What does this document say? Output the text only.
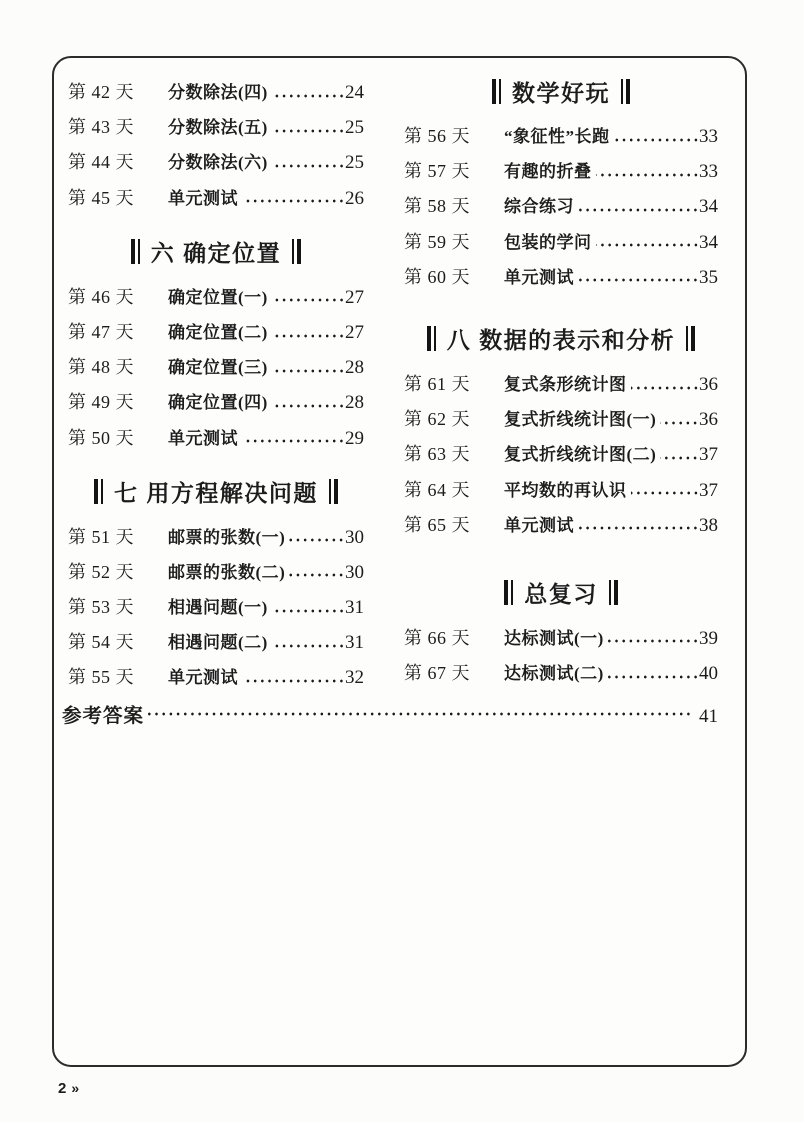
第 42 天	分数除法(四)	24
第 43 天	分数除法(五)	25
第 44 天	分数除法(六)	25
第 45 天	单元测试	26
六 确定位置
第 46 天	确定位置(一)	27
第 47 天	确定位置(二)	27
第 48 天	确定位置(三)	28
第 49 天	确定位置(四)	28
第 50 天	单元测试	29
七 用方程解决问题
第 51 天	邮票的张数(一)	30
第 52 天	邮票的张数(二)	30
第 53 天	相遇问题(一)	31
第 54 天	相遇问题(二)	31
第 55 天	单元测试	32
数学好玩
第 56 天	“象征性”长跑	33
第 57 天	有趣的折叠	33
第 58 天	综合练习	34
第 59 天	包装的学问	34
第 60 天	单元测试	35
八 数据的表示和分析
第 61 天	复式条形统计图	36
第 62 天	复式折线统计图(一) 36
第 63 天	复式折线统计图(二) 37
第 64 天	平均数的再认识	37
第 65 天	单元测试	38
总复习
第 66 天	达标测试(一)	39
第 67 天	达标测试(二)	40
参考答案	41
2 »
